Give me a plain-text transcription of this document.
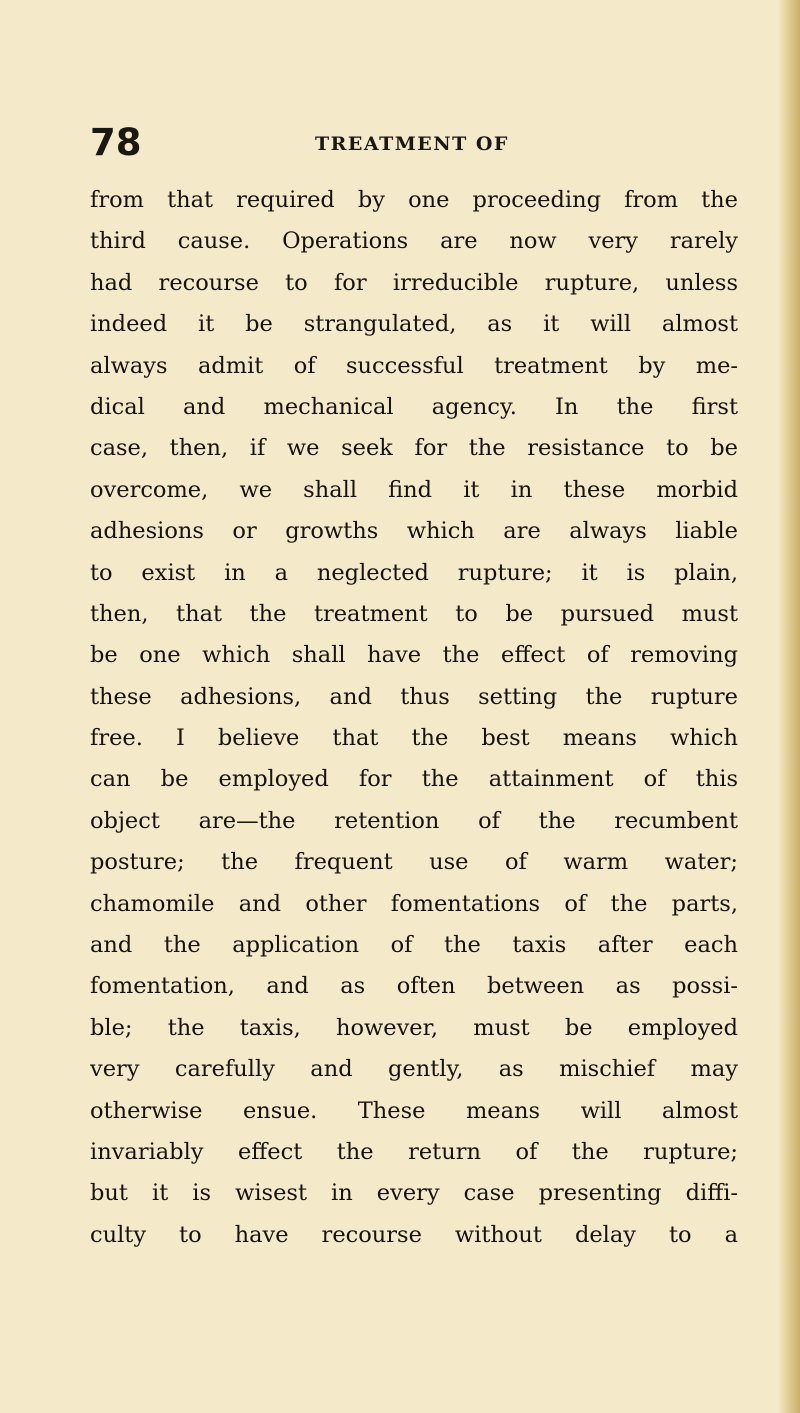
78	TREATMENT OF
from that required by one proceeding from the
third cause. Operations are now very rarely
had recourse to for irreducible rupture, unless
indeed it be strangulated, as it will almost
always admit of successful treatment by me-
dical and mechanical agency. In the first
case, then, if we seek for the resistance to be
overcome, we shall find it in these morbid
adhesions or growths which are always liable
to exist in a neglected rupture; it is plain,
then, that the treatment to be pursued must
be one which shall have the effect of removing
these adhesions, and thus setting the rupture
free. I believe that the best means which
can be employed for the attainment of this
object are—the retention of the recumbent
posture; the frequent use of warm water;
chamomile and other fomentations of the parts,
and the application of the taxis after each
fomentation, and as often between as possi-
ble; the taxis, however, must be employed
very carefully and gently, as mischief may
otherwise ensue. These means will almost
invariably effect the return of the rupture;
but it is wisest in every case presenting diffi-
culty to have recourse without delay to a
